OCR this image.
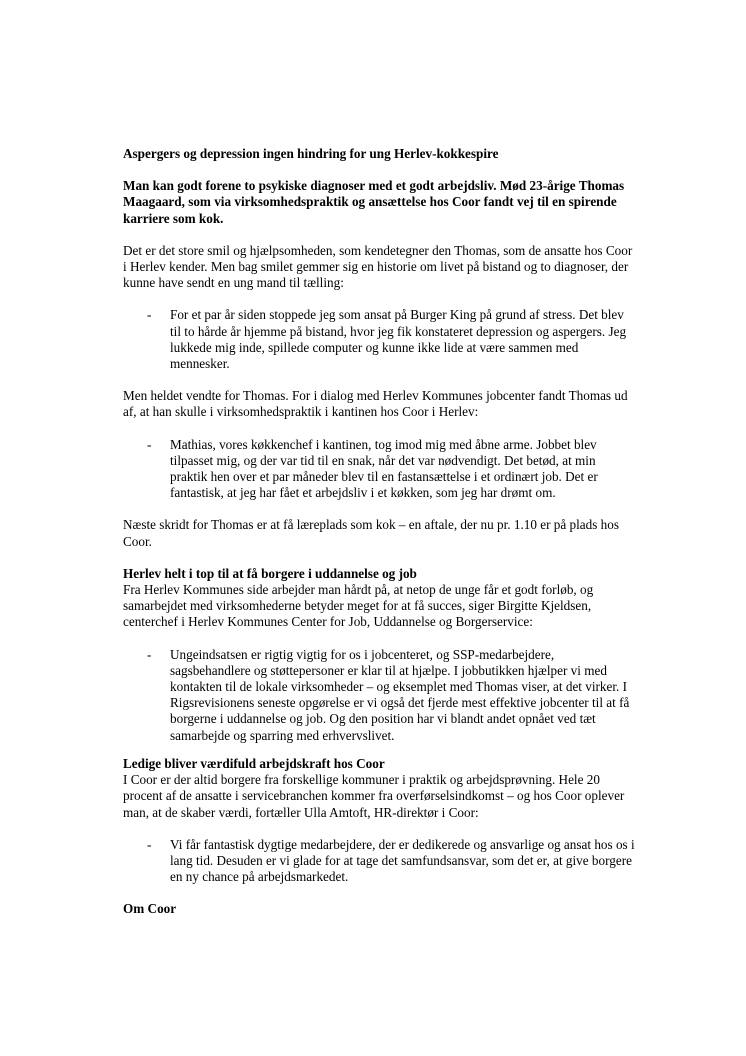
Aspergers og depression ingen hindring for ung Herlev-kokkespire
Man kan godt forene to psykiske diagnoser med et godt arbejdsliv. Mød 23-årige Thomas Maagaard, som via virksomhedspraktik og ansættelse hos Coor fandt vej til en spirende karriere som kok.

Det er det store smil og hjælpsomheden, som kendetegner den Thomas, som de ansatte hos Coor i Herlev kender. Men bag smilet gemmer sig en historie om livet på bistand og to diagnoser, der kunne have sendt en ung mand til tælling:

- For et par år siden stoppede jeg som ansat på Burger King på grund af stress. Det blev til to hårde år hjemme på bistand, hvor jeg fik konstateret depression og aspergers. Jeg lukkede mig inde, spillede computer og kunne ikke lide at være sammen med mennesker.

Men heldet vendte for Thomas. For i dialog med Herlev Kommunes jobcenter fandt Thomas ud af, at han skulle i virksomhedspraktik i kantinen hos Coor i Herlev:

- Mathias, vores køkkenchef i kantinen, tog imod mig med åbne arme. Jobbet blev tilpasset mig, og der var tid til en snak, når det var nødvendigt. Det betød, at min praktik hen over et par måneder blev til en fastansættelse i et ordinært job. Det er fantastisk, at jeg har fået et arbejdsliv i et køkken, som jeg har drømt om.

Næste skridt for Thomas er at få læreplads som kok – en aftale, der nu pr. 1.10 er på plads hos Coor.

Herlev helt i top til at få borgere i uddannelse og job

Fra Herlev Kommunes side arbejder man hårdt på, at netop de unge får et godt forløb, og samarbejdet med virksomhederne betyder meget for at få succes, siger Birgitte Kjeldsen, centerchef i Herlev Kommunes Center for Job, Uddannelse og Borgerservice:

- Ungeindsatsen er rigtig vigtig for os i jobcenteret, og SSP-medarbejdere, sagsbehandlere og støttepersoner er klar til at hjælpe. I jobbutikken hjælper vi med kontakten til de lokale virksomheder – og eksemplet med Thomas viser, at det virker. I Rigsrevisionens seneste opgørelse er vi også det fjerde mest effektive jobcenter til at få borgerne i uddannelse og job. Og den position har vi blandt andet opnået ved tæt samarbejde og sparring med erhvervslivet.
Ledige bliver værdifuld arbejdskraft hos Coor

I Coor er der altid borgere fra forskellige kommuner i praktik og arbejdsprøvning. Hele 20 procent af de ansatte i servicebranchen kommer fra overførselsindkomst – og hos Coor oplever man, at de skaber værdi, fortæller Ulla Amtoft, HR-direktør i Coor:

- Vi får fantastisk dygtige medarbejdere, der er dedikerede og ansvarlige og ansat hos os i lang tid. Desuden er vi glade for at tage det samfundsansvar, som det er, at give borgere en ny chance på arbejdsmarkedet.
Om Coor
